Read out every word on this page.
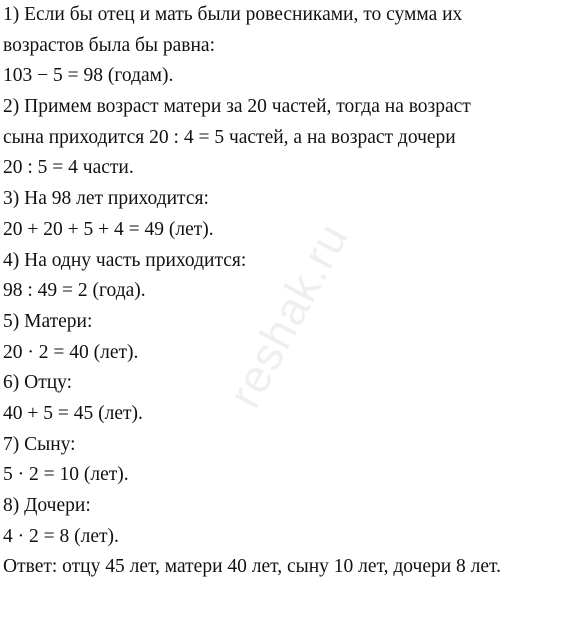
1) Если бы отец и мать были ровесниками, то сумма их
возрастов была бы равна:
103 − 5 = 98 (годам).
2) Примем возраст матери за 20 частей, тогда на возраст
сына приходится 20 : 4 = 5 частей, а на возраст дочери
20 : 5 = 4 части.
3) На 98 лет приходится:
20 + 20 + 5 + 4 = 49 (лет).
4) На одну часть приходится:
98 : 49 = 2 (года).
5) Матери:
20 · 2 = 40 (лет).
6) Отцу:
40 + 5 = 45 (лет).
7) Сыну:
5 · 2 = 10 (лет).
8) Дочери:
4 · 2 = 8 (лет).
Ответ: отцу 45 лет, матери 40 лет, сыну 10 лет, дочери 8 лет.
reshak.ru
